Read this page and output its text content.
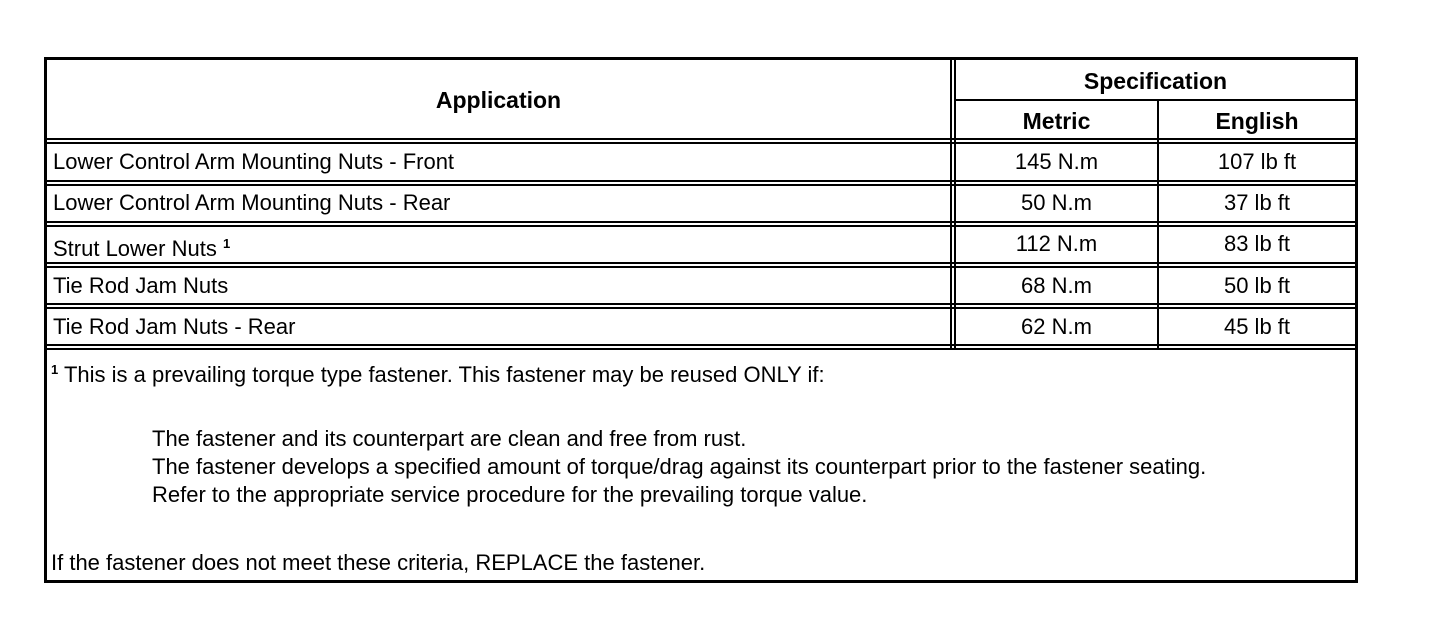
Application
Specification
Metric	English
Lower Control Arm Mounting Nuts - Front	145 N.m	107 lb ft
Lower Control Arm Mounting Nuts - Rear	50 N.m	37 lb ft
Strut Lower Nuts $^1$	112 N.m	83 lb ft
Tie Rod Jam Nuts	68 N.m	50 lb ft
Tie Rod Jam Nuts - Rear	62 N.m	45 lb ft
$^1$ This is a prevailing torque type fastener. This fastener may be reused ONLY if:
The fastener and its counterpart are clean and free from rust.
The fastener develops a specified amount of torque/drag against its counterpart prior to the fastener seating.
Refer to the appropriate service procedure for the prevailing torque value.
If the fastener does not meet these criteria, REPLACE the fastener.
